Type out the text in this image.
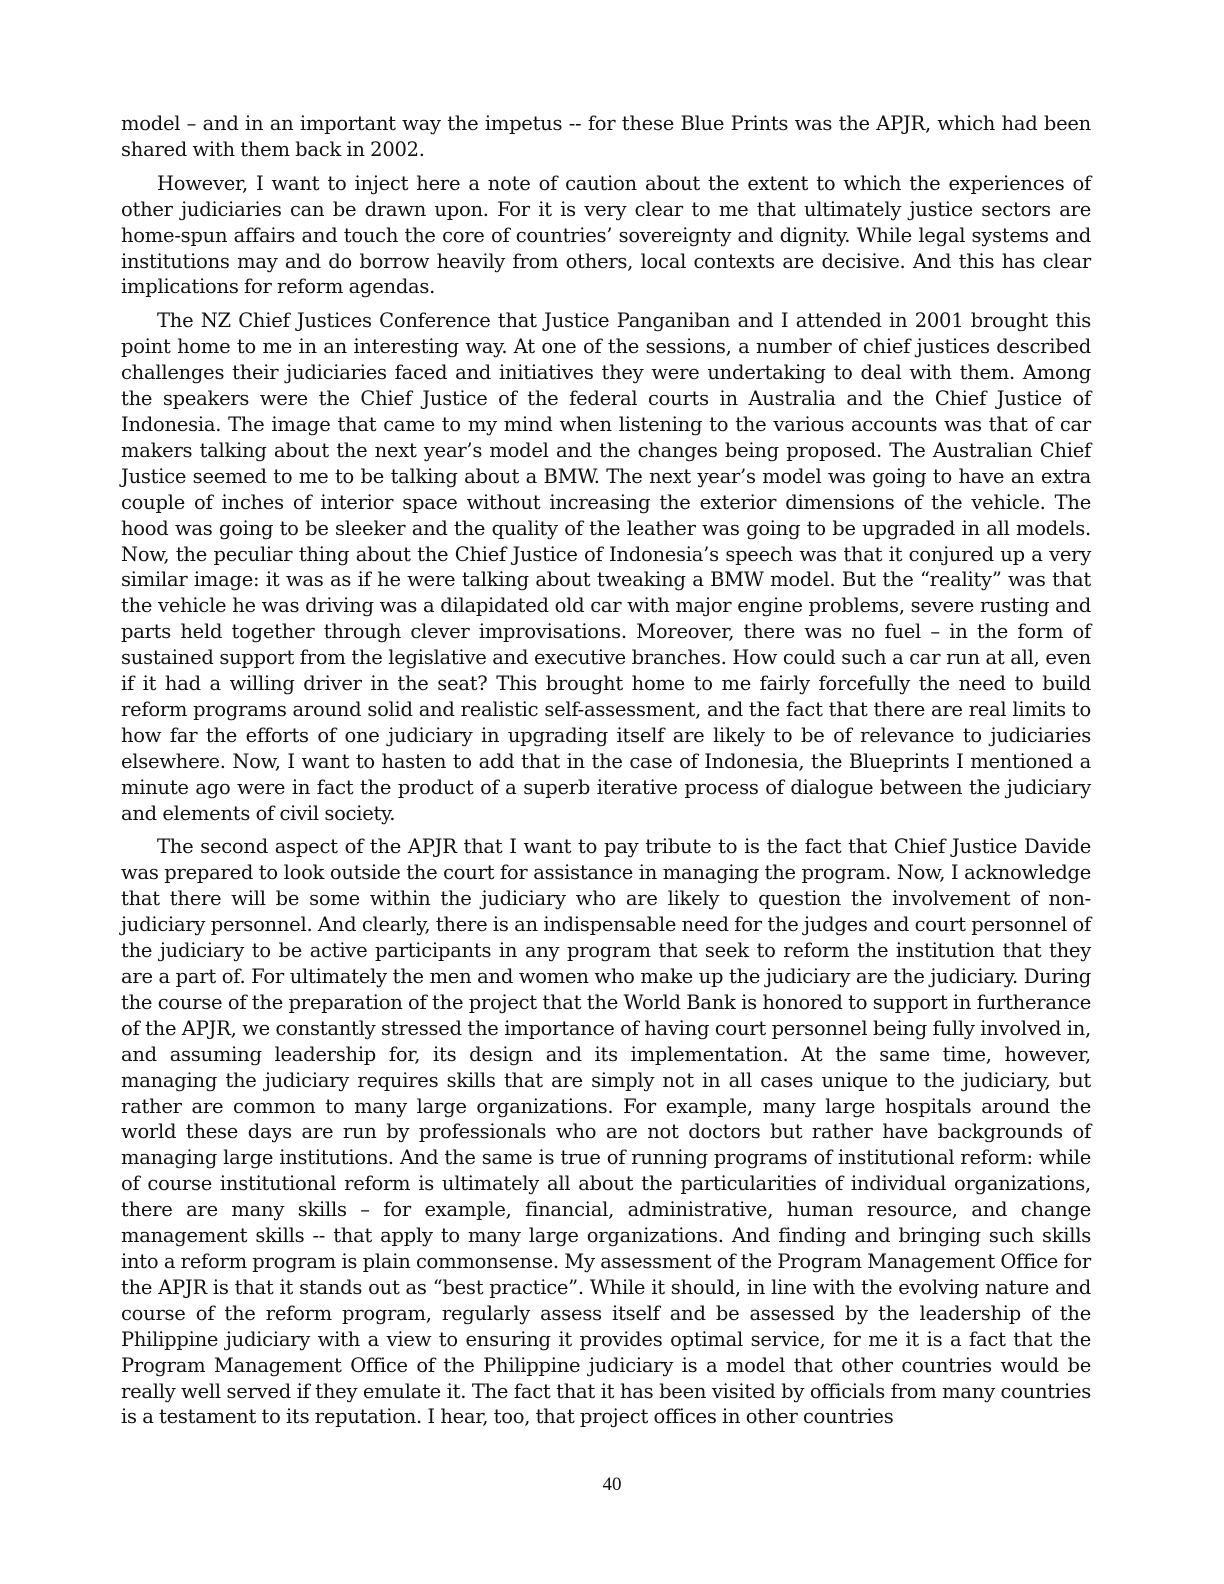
model – and in an important way the impetus -- for these Blue Prints was the APJR, which had been shared with them back in 2002.

However, I want to inject here a note of caution about the extent to which the experiences of other judiciaries can be drawn upon. For it is very clear to me that ultimately justice sectors are home-spun affairs and touch the core of countries’ sovereignty and dignity. While legal systems and institutions may and do borrow heavily from others, local contexts are decisive. And this has clear implications for reform agendas.

The NZ Chief Justices Conference that Justice Panganiban and I attended in 2001 brought this point home to me in an interesting way. At one of the sessions, a number of chief justices described challenges their judiciaries faced and initiatives they were undertaking to deal with them. Among the speakers were the Chief Justice of the federal courts in Australia and the Chief Justice of Indonesia. The image that came to my mind when listening to the various accounts was that of car makers talking about the next year’s model and the changes being proposed. The Australian Chief Justice seemed to me to be talking about a BMW. The next year’s model was going to have an extra couple of inches of interior space without increasing the exterior dimensions of the vehicle. The hood was going to be sleeker and the quality of the leather was going to be upgraded in all models. Now, the peculiar thing about the Chief Justice of Indonesia’s speech was that it conjured up a very similar image: it was as if he were talking about tweaking a BMW model. But the “reality” was that the vehicle he was driving was a dilapidated old car with major engine problems, severe rusting and parts held together through clever improvisations. Moreover, there was no fuel – in the form of sustained support from the legislative and executive branches. How could such a car run at all, even if it had a willing driver in the seat? This brought home to me fairly forcefully the need to build reform programs around solid and realistic self-assessment, and the fact that there are real limits to how far the efforts of one judiciary in upgrading itself are likely to be of relevance to judiciaries elsewhere. Now, I want to hasten to add that in the case of Indonesia, the Blueprints I mentioned a minute ago were in fact the product of a superb iterative process of dialogue between the judiciary and elements of civil society.

The second aspect of the APJR that I want to pay tribute to is the fact that Chief Justice Davide was prepared to look outside the court for assistance in managing the program. Now, I acknowledge that there will be some within the judiciary who are likely to question the involvement of non-judiciary personnel. And clearly, there is an indispensable need for the judges and court personnel of the judiciary to be active participants in any program that seek to reform the institution that they are a part of. For ultimately the men and women who make up the judiciary are the judiciary. During the course of the preparation of the project that the World Bank is honored to support in furtherance of the APJR, we constantly stressed the importance of having court personnel being fully involved in, and assuming leadership for, its design and its implementation. At the same time, however, managing the judiciary requires skills that are simply not in all cases unique to the judiciary, but rather are common to many large organizations. For example, many large hospitals around the world these days are run by professionals who are not doctors but rather have backgrounds of managing large institutions. And the same is true of running programs of institutional reform: while of course institutional reform is ultimately all about the particularities of individual organizations, there are many skills – for example, financial, administrative, human resource, and change management skills -- that apply to many large organizations. And finding and bringing such skills into a reform program is plain commonsense. My assessment of the Program Management Office for the APJR is that it stands out as “best practice”. While it should, in line with the evolving nature and course of the reform program, regularly assess itself and be assessed by the leadership of the Philippine judiciary with a view to ensuring it provides optimal service, for me it is a fact that the Program Management Office of the Philippine judiciary is a model that other countries would be really well served if they emulate it. The fact that it has been visited by officials from many countries is a testament to its reputation. I hear, too, that project offices in other countries

40
